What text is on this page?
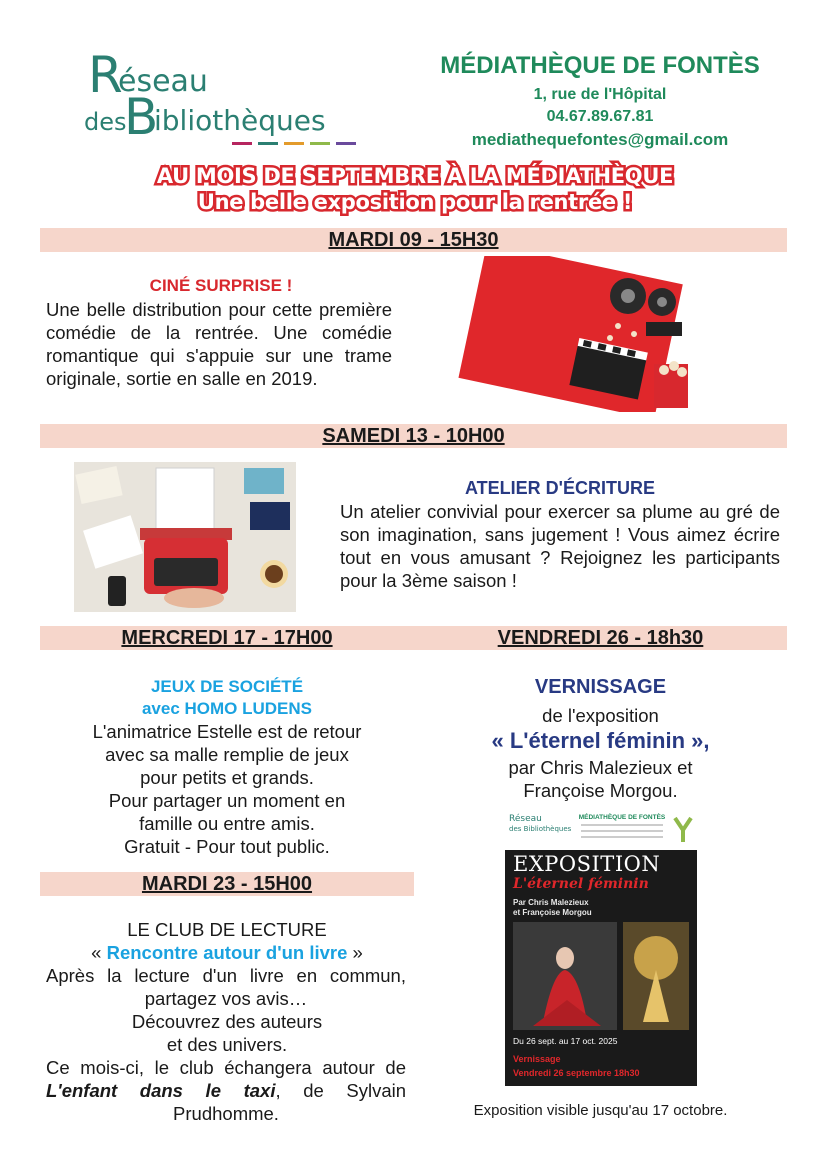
R
éseau
des
B
ibliothèques
MÉDIATHÈQUE DE FONTÈS
1, rue de l'Hôpital
04.67.89.67.81
mediathequefontes@gmail.com
AU MOIS DE SEPTEMBRE À LA MÉDIATHÈQUE
Une belle exposition pour la rentrée !
MARDI 09 - 15H30
CINÉ SURPRISE !
Une belle distribution pour cette première comédie de la rentrée. Une comédie romantique qui s'appuie sur une trame originale, sortie en salle en 2019.
SAMEDI 13 - 10H00
ATELIER D'ÉCRITURE
Un atelier convivial pour exercer sa plume au gré de son imagination, sans jugement ! Vous aimez écrire tout en vous amusant ? Rejoignez les participants pour la 3ème saison !
MERCREDI 17 - 17H00	VENDREDI 26 - 18h30
JEUX DE SOCIÉTÉ
avec HOMO LUDENS
L'animatrice Estelle est de retour
avec sa malle remplie de jeux
pour petits et grands.
Pour partager un moment en
famille ou entre amis.
Gratuit - Pour tout public.
VERNISSAGE
de l'exposition
« L'éternel féminin »,
par Chris Malezieux et
Françoise Morgou.
Réseau
des Bibliothèques
MÉDIATHÈQUE DE FONTÈS
EXPOSITION
L'éternel féminin
Par Chris Malezieux
et Françoise Morgou
Du 26 sept. au 17 oct. 2025
Vernissage
Vendredi 26 septembre 18h30
Exposition visible jusqu'au 17 octobre.
MARDI 23 - 15H00
LE CLUB DE LECTURE
« Rencontre autour d'un livre »
Après la lecture d'un livre en commun, partagez vos avis…
Découvrez des auteurs
et des univers.
Ce mois-ci, le club échangera autour de L'enfant dans le taxi, de Sylvain Prudhomme.
